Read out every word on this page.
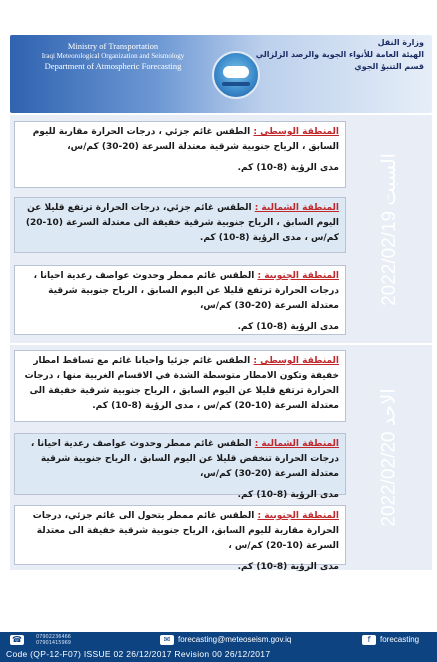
Ministry of Transportation
Iraqi Meteorological Organization and Seismology
Department of Atmospheric Forecasting
وزارة النقل
الهيئة العامة للأنواء الجوية والرصد الزلزالي
قسم التنبؤ الجوي
السبت 2022/02/19
المنطقة الوسطى : الطقس غائم جزئي ، درجات الحرارة مقاربة لليوم السابق ، الرياح جنوبية شرقية معتدلة السرعة (20-30) كم/س،
مدى الرؤية (8-10) كم.
المنطقة الشمالية : الطقس غائم جزئي، درجات الحرارة ترتفع قليلا عن اليوم السابق ، الرياح جنوبية شرقية خفيفة الى معتدلة السرعة (10-20) كم/س ، مدى الرؤية (8-10) كم.
المنطقة الجنوبية : الطقس غائم ممطر وحدوث عواصف رعدية احيانا ، درجات الحرارة ترتفع قليلا عن اليوم السابق ، الرياح جنوبية شرقية معتدلة السرعة (20-30) كم/س،
مدى الرؤية (8-10) كم.
الاحد 2022/02/20
المنطقة الوسطى : الطقس غائم جزئيا واحيانا غائم مع تساقط امطار خفيفة وتكون الامطار متوسطة الشدة في الاقسام الغربية منها ، درجات الحرارة ترتفع قليلا عن اليوم السابق ، الرياح جنوبية شرقية خفيفة الى معتدلة السرعة (10-20) كم/س ، مدى الرؤية (8-10) كم.
المنطقة الشمالية : الطقس غائم ممطر وحدوث عواصف رعدية احيانا ، درجات الحرارة تنخفض قليلا عن اليوم السابق ، الرياح جنوبية شرقية معتدلة السرعة (20-30) كم/س،
مدى الرؤية (8-10) كم.
المنطقة الجنوبية : الطقس غائم ممطر يتحول الى غائم جزئي، درجات الحرارة مقاربة لليوم السابق، الرياح جنوبية شرقية خفيفة الى معتدلة السرعة (10-20) كم/س ،
مدى الرؤية (8-10) كم.
☎	07902236466
07901415969	✉ forecasting@meteoseism.gov.iq	f	forecasting
Code (QP-12-F07) ISSUE 02 26/12/2017 Revision 00 26/12/2017
